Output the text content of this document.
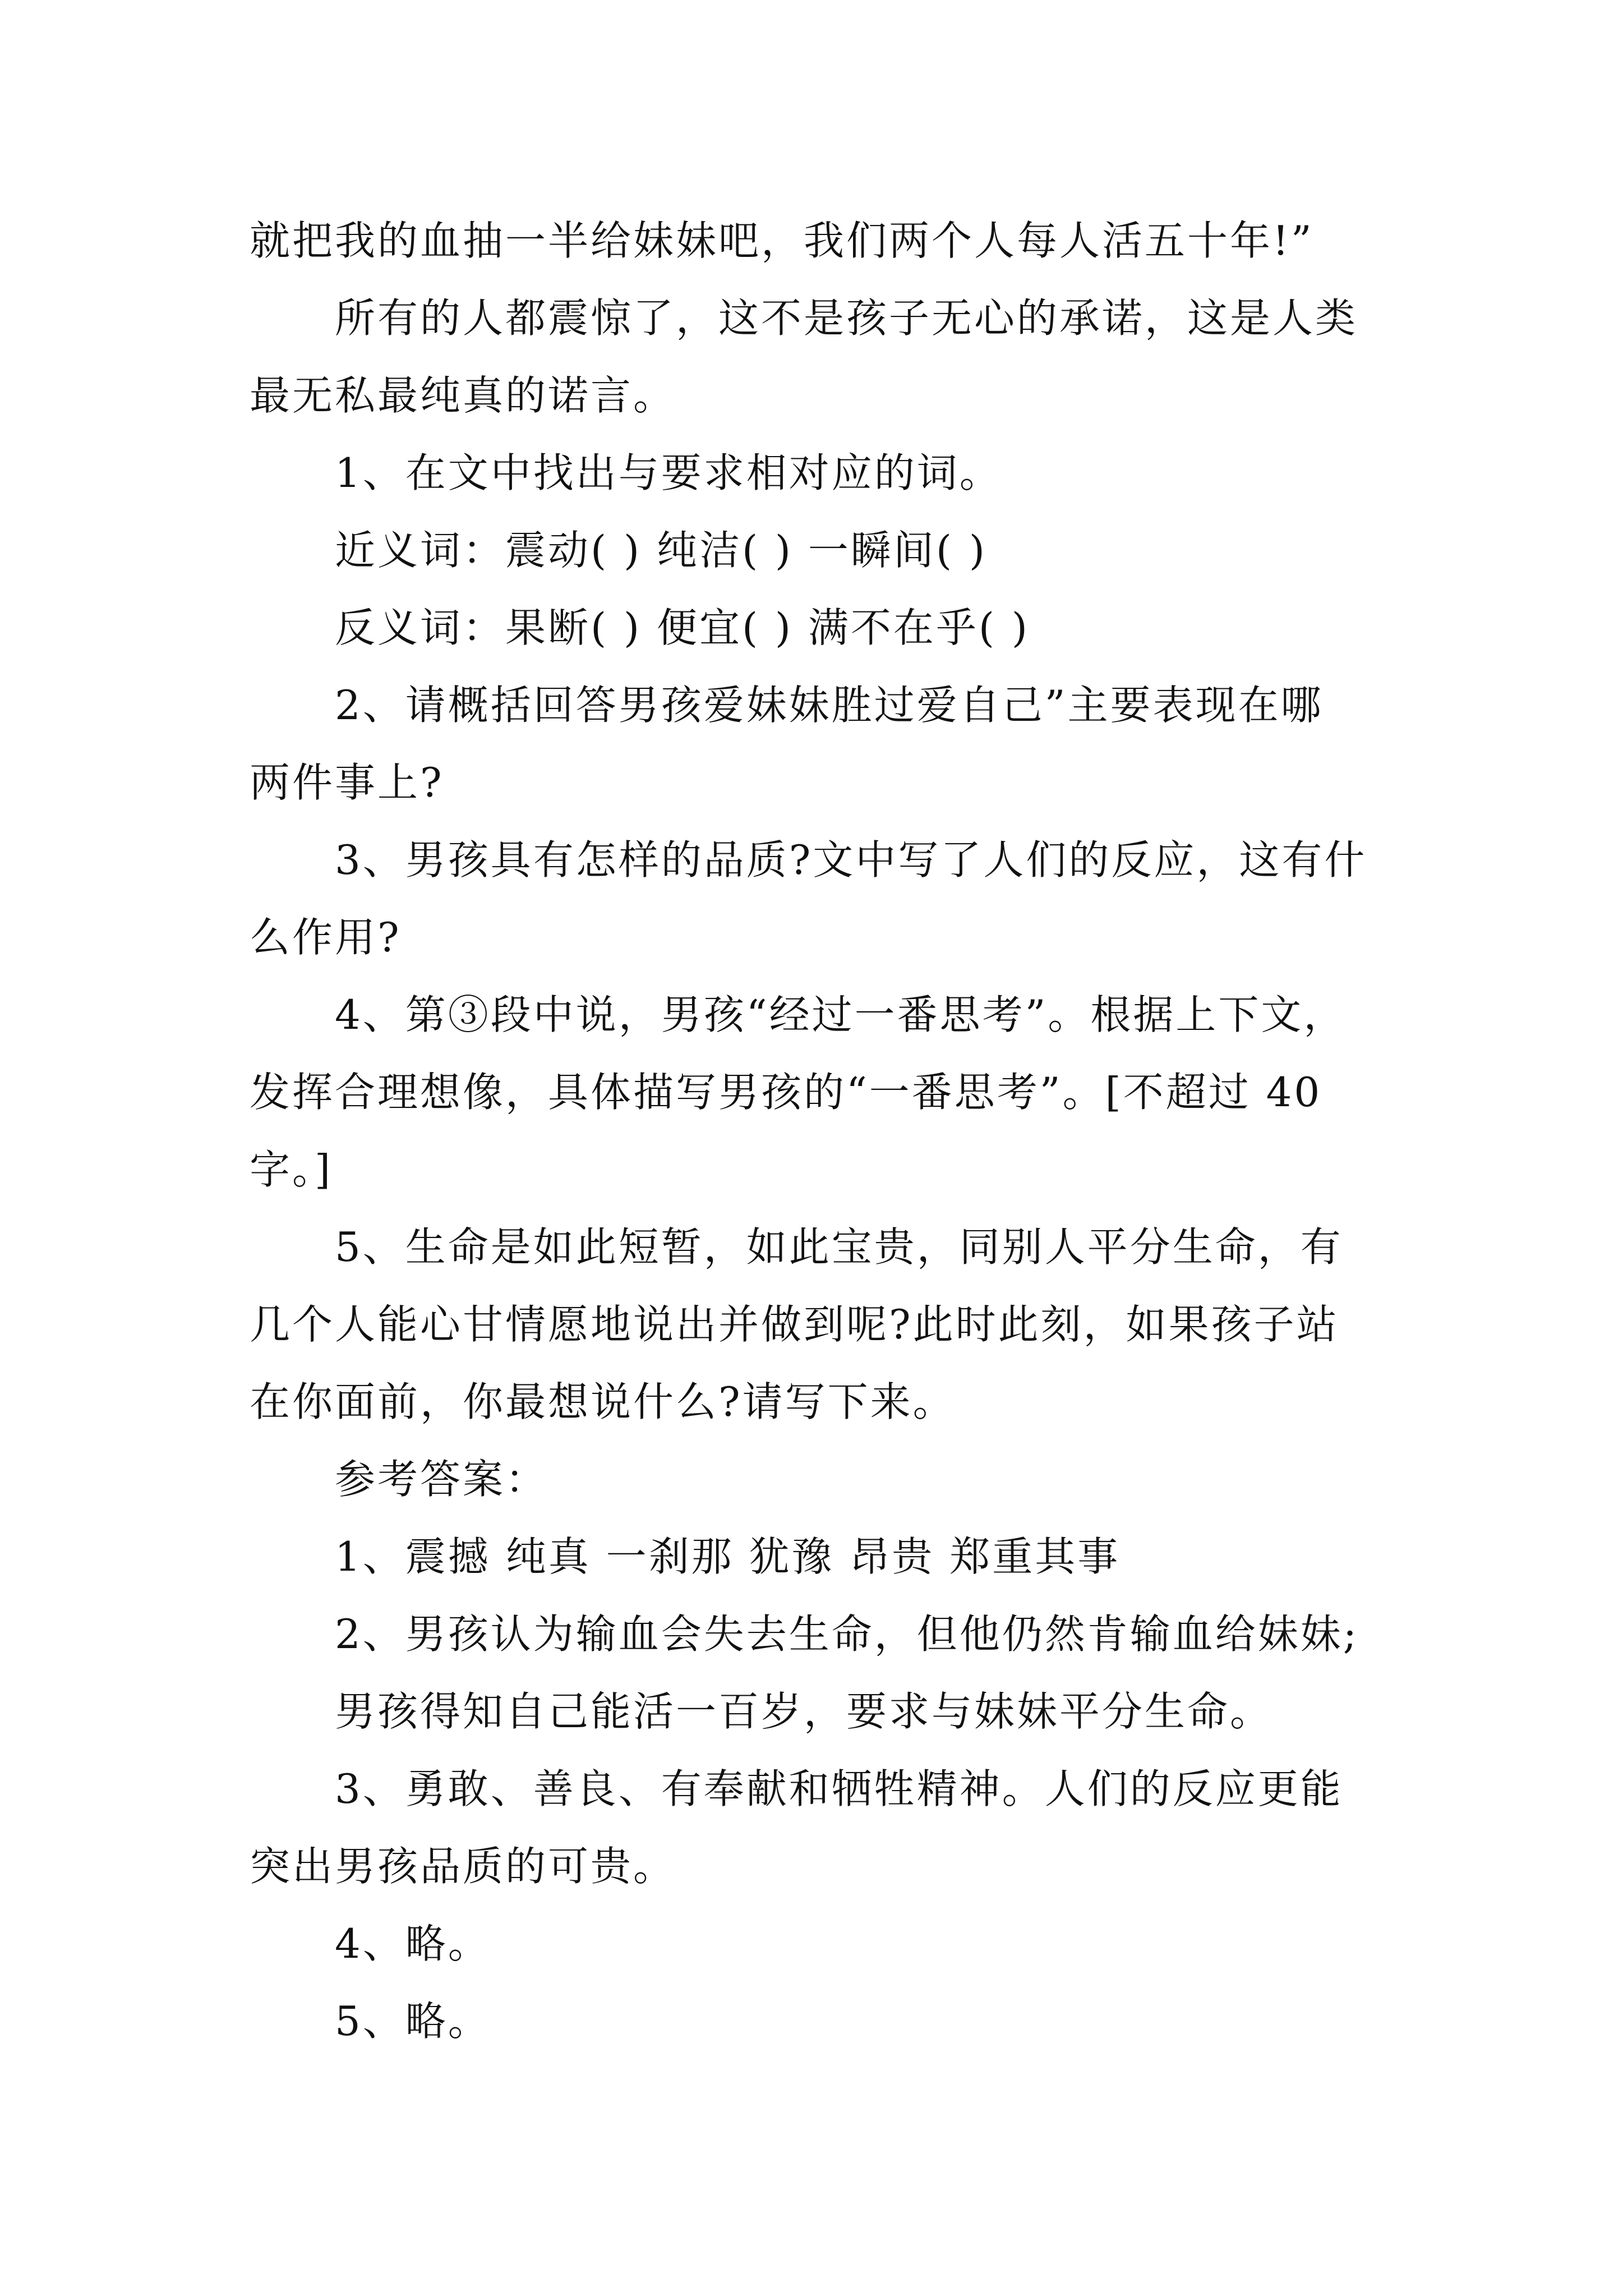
就把我的血抽一半给妹妹吧，我们两个人每人活五十年!”
所有的人都震惊了，这不是孩子无心的承诺，这是人类
最无私最纯真的诺言。
1、在文中找出与要求相对应的词。
近义词：震动( ) 纯洁( ) 一瞬间( )
反义词：果断( ) 便宜( ) 满不在乎( )
2、请概括回答男孩爱妹妹胜过爱自己”主要表现在哪
两件事上?
3、男孩具有怎样的品质?文中写了人们的反应，这有什
么作用?
4、第③段中说，男孩“经过一番思考”。根据上下文，
发挥合理想像，具体描写男孩的“一番思考”。[不超过 40
字。]
5、生命是如此短暂，如此宝贵，同别人平分生命，有
几个人能心甘情愿地说出并做到呢?此时此刻，如果孩子站
在你面前，你最想说什么?请写下来。
参考答案：
1、震撼 纯真 一刹那 犹豫 昂贵 郑重其事
2、男孩认为输血会失去生命，但他仍然肯输血给妹妹;
男孩得知自己能活一百岁，要求与妹妹平分生命。
3、勇敢、善良、有奉献和牺牲精神。人们的反应更能
突出男孩品质的可贵。
4、略。
5、略。
